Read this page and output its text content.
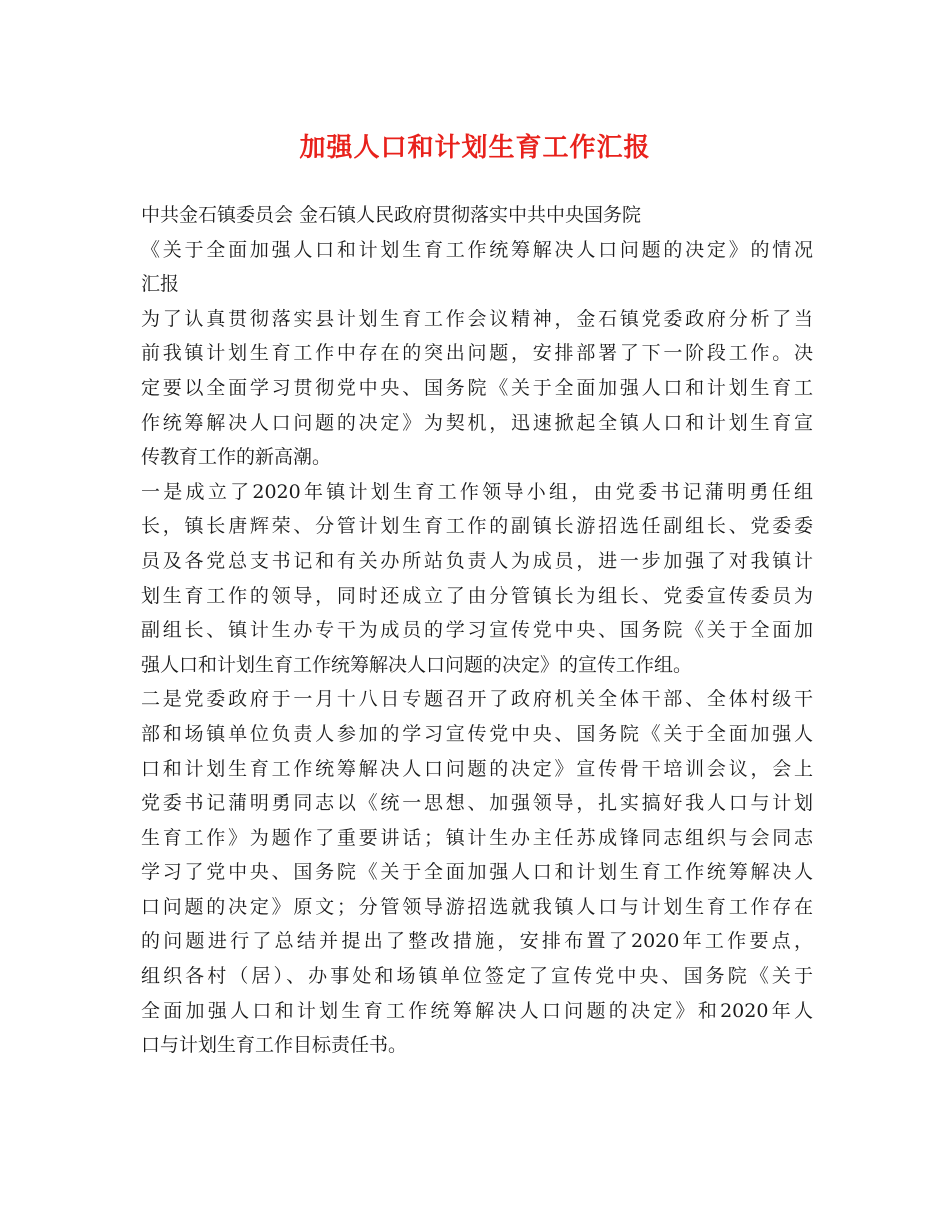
加强人口和计划生育工作汇报
中共金石镇委员会 金石镇人民政府贯彻落实中共中央国务院
《关于全面加强人口和计划生育工作统筹解决人口问题的决定》的情况
汇报
为了认真贯彻落实县计划生育工作会议精神，金石镇党委政府分析了当
前我镇计划生育工作中存在的突出问题，安排部署了下一阶段工作。决
定要以全面学习贯彻党中央、国务院《关于全面加强人口和计划生育工
作统筹解决人口问题的决定》为契机，迅速掀起全镇人口和计划生育宣
传教育工作的新高潮。
一是成立了2020年镇计划生育工作领导小组，由党委书记蒲明勇任组
长，镇长唐辉荣、分管计划生育工作的副镇长游招选任副组长、党委委
员及各党总支书记和有关办所站负责人为成员，进一步加强了对我镇计
划生育工作的领导，同时还成立了由分管镇长为组长、党委宣传委员为
副组长、镇计生办专干为成员的学习宣传党中央、国务院《关于全面加
强人口和计划生育工作统筹解决人口问题的决定》的宣传工作组。
二是党委政府于一月十八日专题召开了政府机关全体干部、全体村级干
部和场镇单位负责人参加的学习宣传党中央、国务院《关于全面加强人
口和计划生育工作统筹解决人口问题的决定》宣传骨干培训会议，会上
党委书记蒲明勇同志以《统一思想、加强领导，扎实搞好我人口与计划
生育工作》为题作了重要讲话；镇计生办主任苏成锋同志组织与会同志
学习了党中央、国务院《关于全面加强人口和计划生育工作统筹解决人
口问题的决定》原文；分管领导游招选就我镇人口与计划生育工作存在
的问题进行了总结并提出了整改措施，安排布置了2020年工作要点，
组织各村（居）、办事处和场镇单位签定了宣传党中央、国务院《关于
全面加强人口和计划生育工作统筹解决人口问题的决定》和2020年人
口与计划生育工作目标责任书。
